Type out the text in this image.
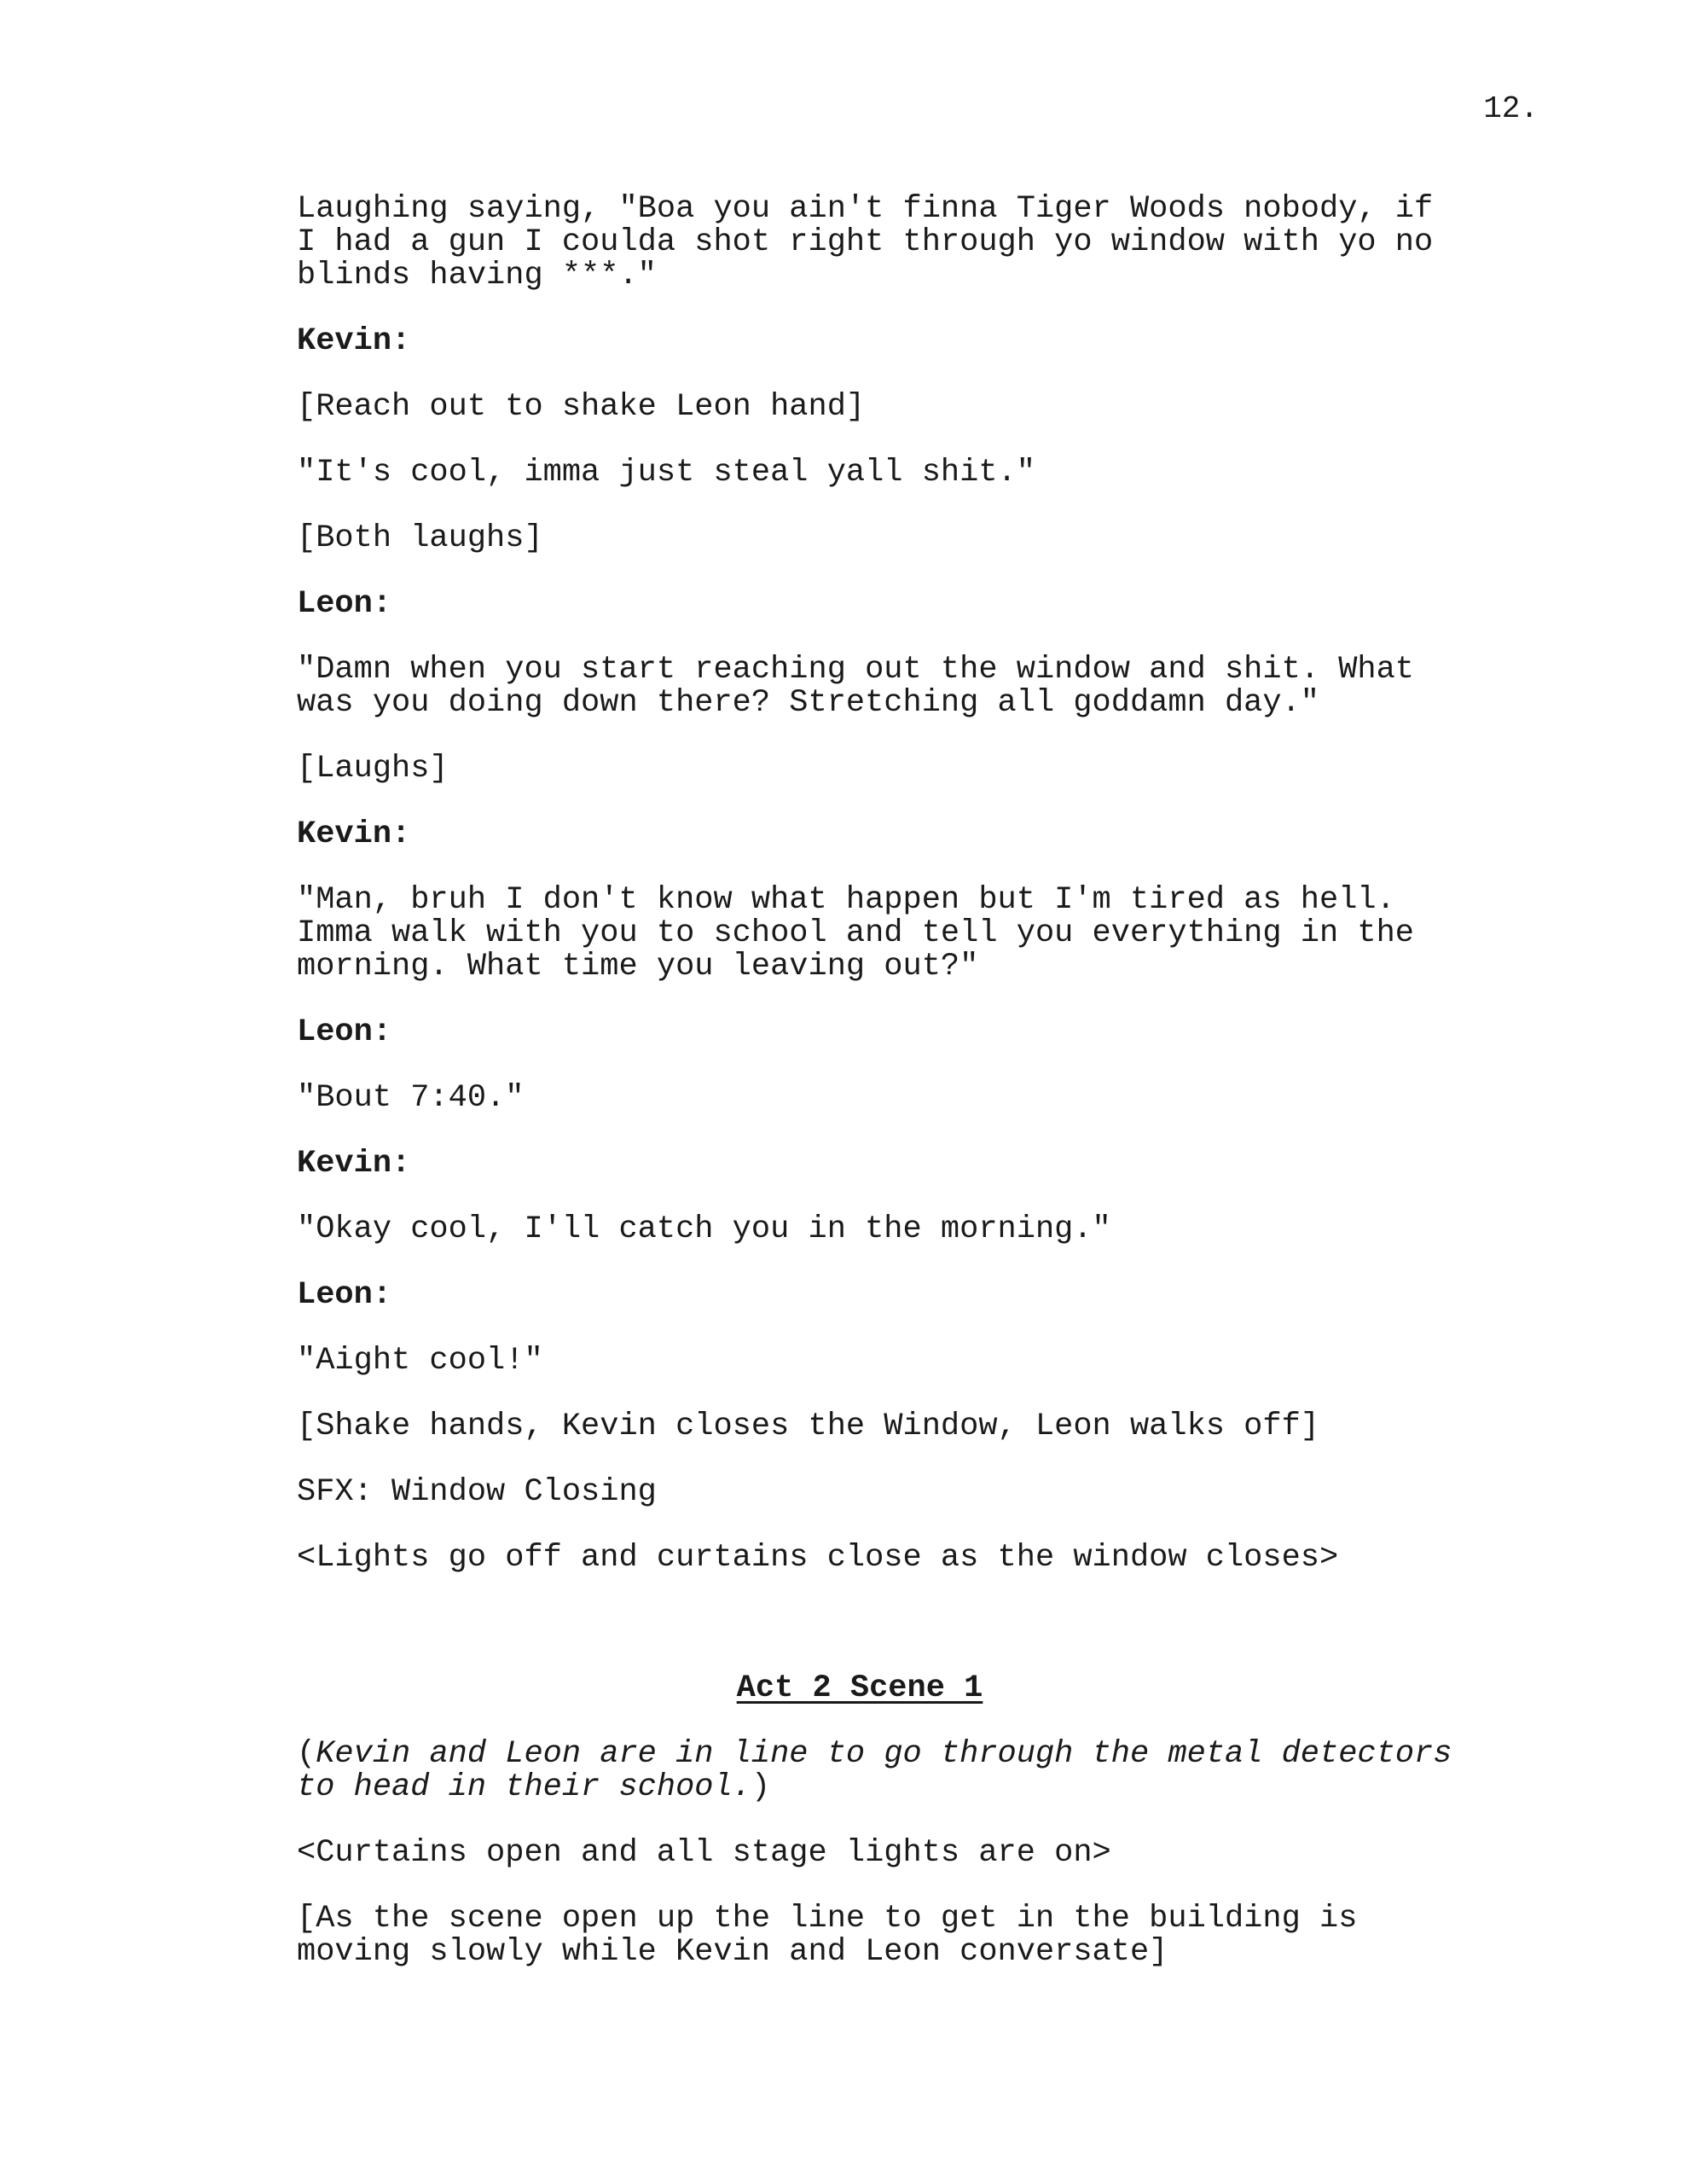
12.

Laughing saying, "Boa you ain't finna Tiger Woods nobody, if
I had a gun I coulda shot right through yo window with yo no
blinds having ***."

Kevin:

[Reach out to shake Leon hand]

"It's cool, imma just steal yall shit."

[Both laughs]

Leon:

"Damn when you start reaching out the window and shit. What
was you doing down there? Stretching all goddamn day."

[Laughs]

Kevin:

"Man, bruh I don't know what happen but I'm tired as hell.
Imma walk with you to school and tell you everything in the
morning. What time you leaving out?"

Leon:

"Bout 7:40."

Kevin:

"Okay cool, I'll catch you in the morning."

Leon:

"Aight cool!"

[Shake hands, Kevin closes the Window, Leon walks off]

SFX: Window Closing

<Lights go off and curtains close as the window closes>

Act 2 Scene 1

(Kevin and Leon are in line to go through the metal detectors
to head in their school.)

<Curtains open and all stage lights are on>

[As the scene open up the line to get in the building is
moving slowly while Kevin and Leon conversate]
